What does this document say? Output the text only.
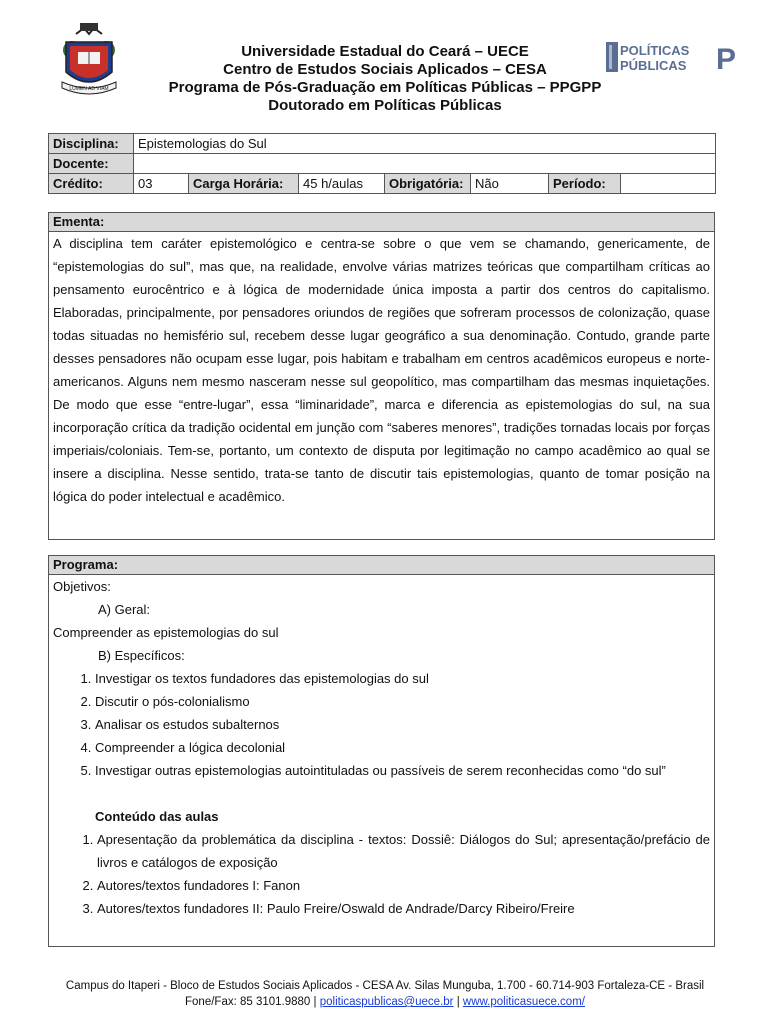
LUMEN AD VIAM
Universidade Estadual do Ceará – UECE
Centro de Estudos Sociais Aplicados – CESA
Programa de Pós-Graduação em Políticas Públicas – PPGPP
Doutorado em Políticas Públicas
POLÍTICAS
PÚBLICAS P
Disciplina:	Epistemologias do Sul						
Docente:							
Crédito:	03	Carga Horária:	45 h/aulas	Obrigatória:	Não	Período:	
Ementa:
A disciplina tem caráter epistemológico e centra-se sobre o que vem se chamando, genericamente, de “epistemologias do sul”, mas que, na realidade, envolve várias matrizes teóricas que compartilham críticas ao pensamento eurocêntrico e à lógica de modernidade única imposta a partir dos centros do capitalismo. Elaboradas, principalmente, por pensadores oriundos de regiões que sofreram processos de colonização, quase todas situadas no hemisfério sul, recebem desse lugar geográfico a sua denominação. Contudo, grande parte desses pensadores não ocupam esse lugar, pois habitam e trabalham em centros acadêmicos europeus e norte-americanos. Alguns nem mesmo nasceram nesse sul geopolítico, mas compartilham das mesmas inquietações. De modo que esse “entre-lugar”, essa “liminaridade”, marca e diferencia as epistemologias do sul, na sua incorporação crítica da tradição ocidental em junção com “saberes menores”, tradições tornadas locais por forças imperiais/coloniais. Tem-se, portanto, um contexto de disputa por legitimação no campo acadêmico ao qual se insere a disciplina. Nesse sentido, trata-se tanto de discutir tais epistemologias, quanto de tomar posição na lógica do poder intelectual e acadêmico.
Programa:
Objetivos:
A) Geral:
Compreender as epistemologias do sul
B) Específicos:
1. Investigar os textos fundadores das epistemologias do sul
2. Discutir o pós-colonialismo
3. Analisar os estudos subalternos
4. Compreender a lógica decolonial
5. Investigar outras epistemologias autointituladas ou passíveis de serem reconhecidas como “do sul”
Conteúdo das aulas
1. Apresentação da problemática da disciplina - textos: Dossiê: Diálogos do Sul; apresentação/prefácio de livros e catálogos de exposição
2. Autores/textos fundadores I: Fanon
3. Autores/textos fundadores II: Paulo Freire/Oswald de Andrade/Darcy Ribeiro/Freire
Campus do Itaperi - Bloco de Estudos Sociais Aplicados - CESA Av. Silas Munguba, 1.700 - 60.714-903 Fortaleza-CE - Brasil
Fone/Fax: 85 3101.9880 | politicaspublicas@uece.br | www.politicasuece.com/
